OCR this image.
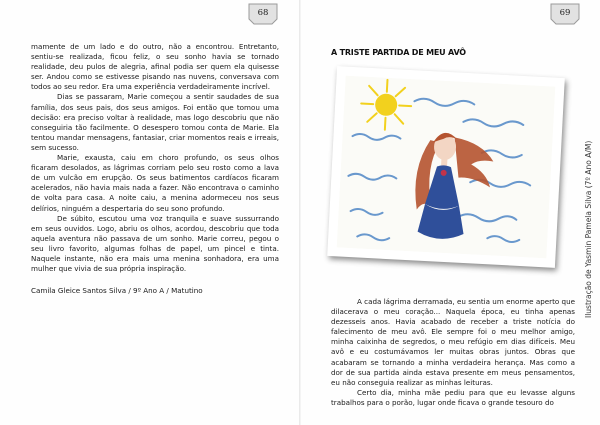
68	69

mamente de um lado e do outro, não a encontrou. Entretanto, sentiu-se realizada, ficou feliz, o seu sonho havia se tornado realidade, deu pulos de alegria, afinal podia ser quem ela quisesse ser. Andou como se estivesse pisando nas nuvens, conversava com todos ao seu redor. Era uma experiência verdadeiramente incrível.

Dias se passaram, Marie começou a sentir saudades de sua família, dos seus pais, dos seus amigos. Foi então que tomou uma decisão: era preciso voltar à realidade, mas logo descobriu que não conseguiria tão facilmente. O desespero tomou conta de Marie. Ela tentou mandar mensagens, fantasiar, criar momentos reais e irreais, sem sucesso.

Marie, exausta, caiu em choro profundo, os seus olhos ficaram desolados, as lágrimas corriam pelo seu rosto como a lava de um vulcão em erupção. Os seus batimentos cardíacos ficaram acelerados, não havia mais nada a fazer. Não encontrava o caminho de volta para casa. A noite caiu, a menina adormeceu nos seus delírios, ninguém a despertaria do seu sono profundo.

De súbito, escutou uma voz tranquila e suave sussurrando em seus ouvidos. Logo, abriu os olhos, acordou, descobriu que toda aquela aventura não passava de um sonho. Marie correu, pegou o seu livro favorito, algumas folhas de papel, um pincel e tinta. Naquele instante, não era mais uma menina sonhadora, era uma mulher que vivia de sua própria inspiração.

Camila Gleice Santos Silva / 9º Ano A / Matutino

A TRISTE PARTIDA DE MEU AVÔ
Ilustração de Yasmin Pamela Silva (7º Ano A/M)

A cada lágrima derramada, eu sentia um enorme aperto que dilacerava o meu coração... Naquela época, eu tinha apenas dezesseis anos. Havia acabado de receber a triste notícia do falecimento de meu avô. Ele sempre foi o meu melhor amigo, minha caixinha de segredos, o meu refúgio em dias difíceis. Meu avô e eu costumávamos ler muitas obras juntos. Obras que acabaram se tornando a minha verdadeira herança. Mas como a dor de sua partida ainda estava presente em meus pensamentos, eu não conseguia realizar as minhas leituras.

Certo dia, minha mãe pediu para que eu levasse alguns trabalhos para o porão, lugar onde ficava o grande tesouro do
